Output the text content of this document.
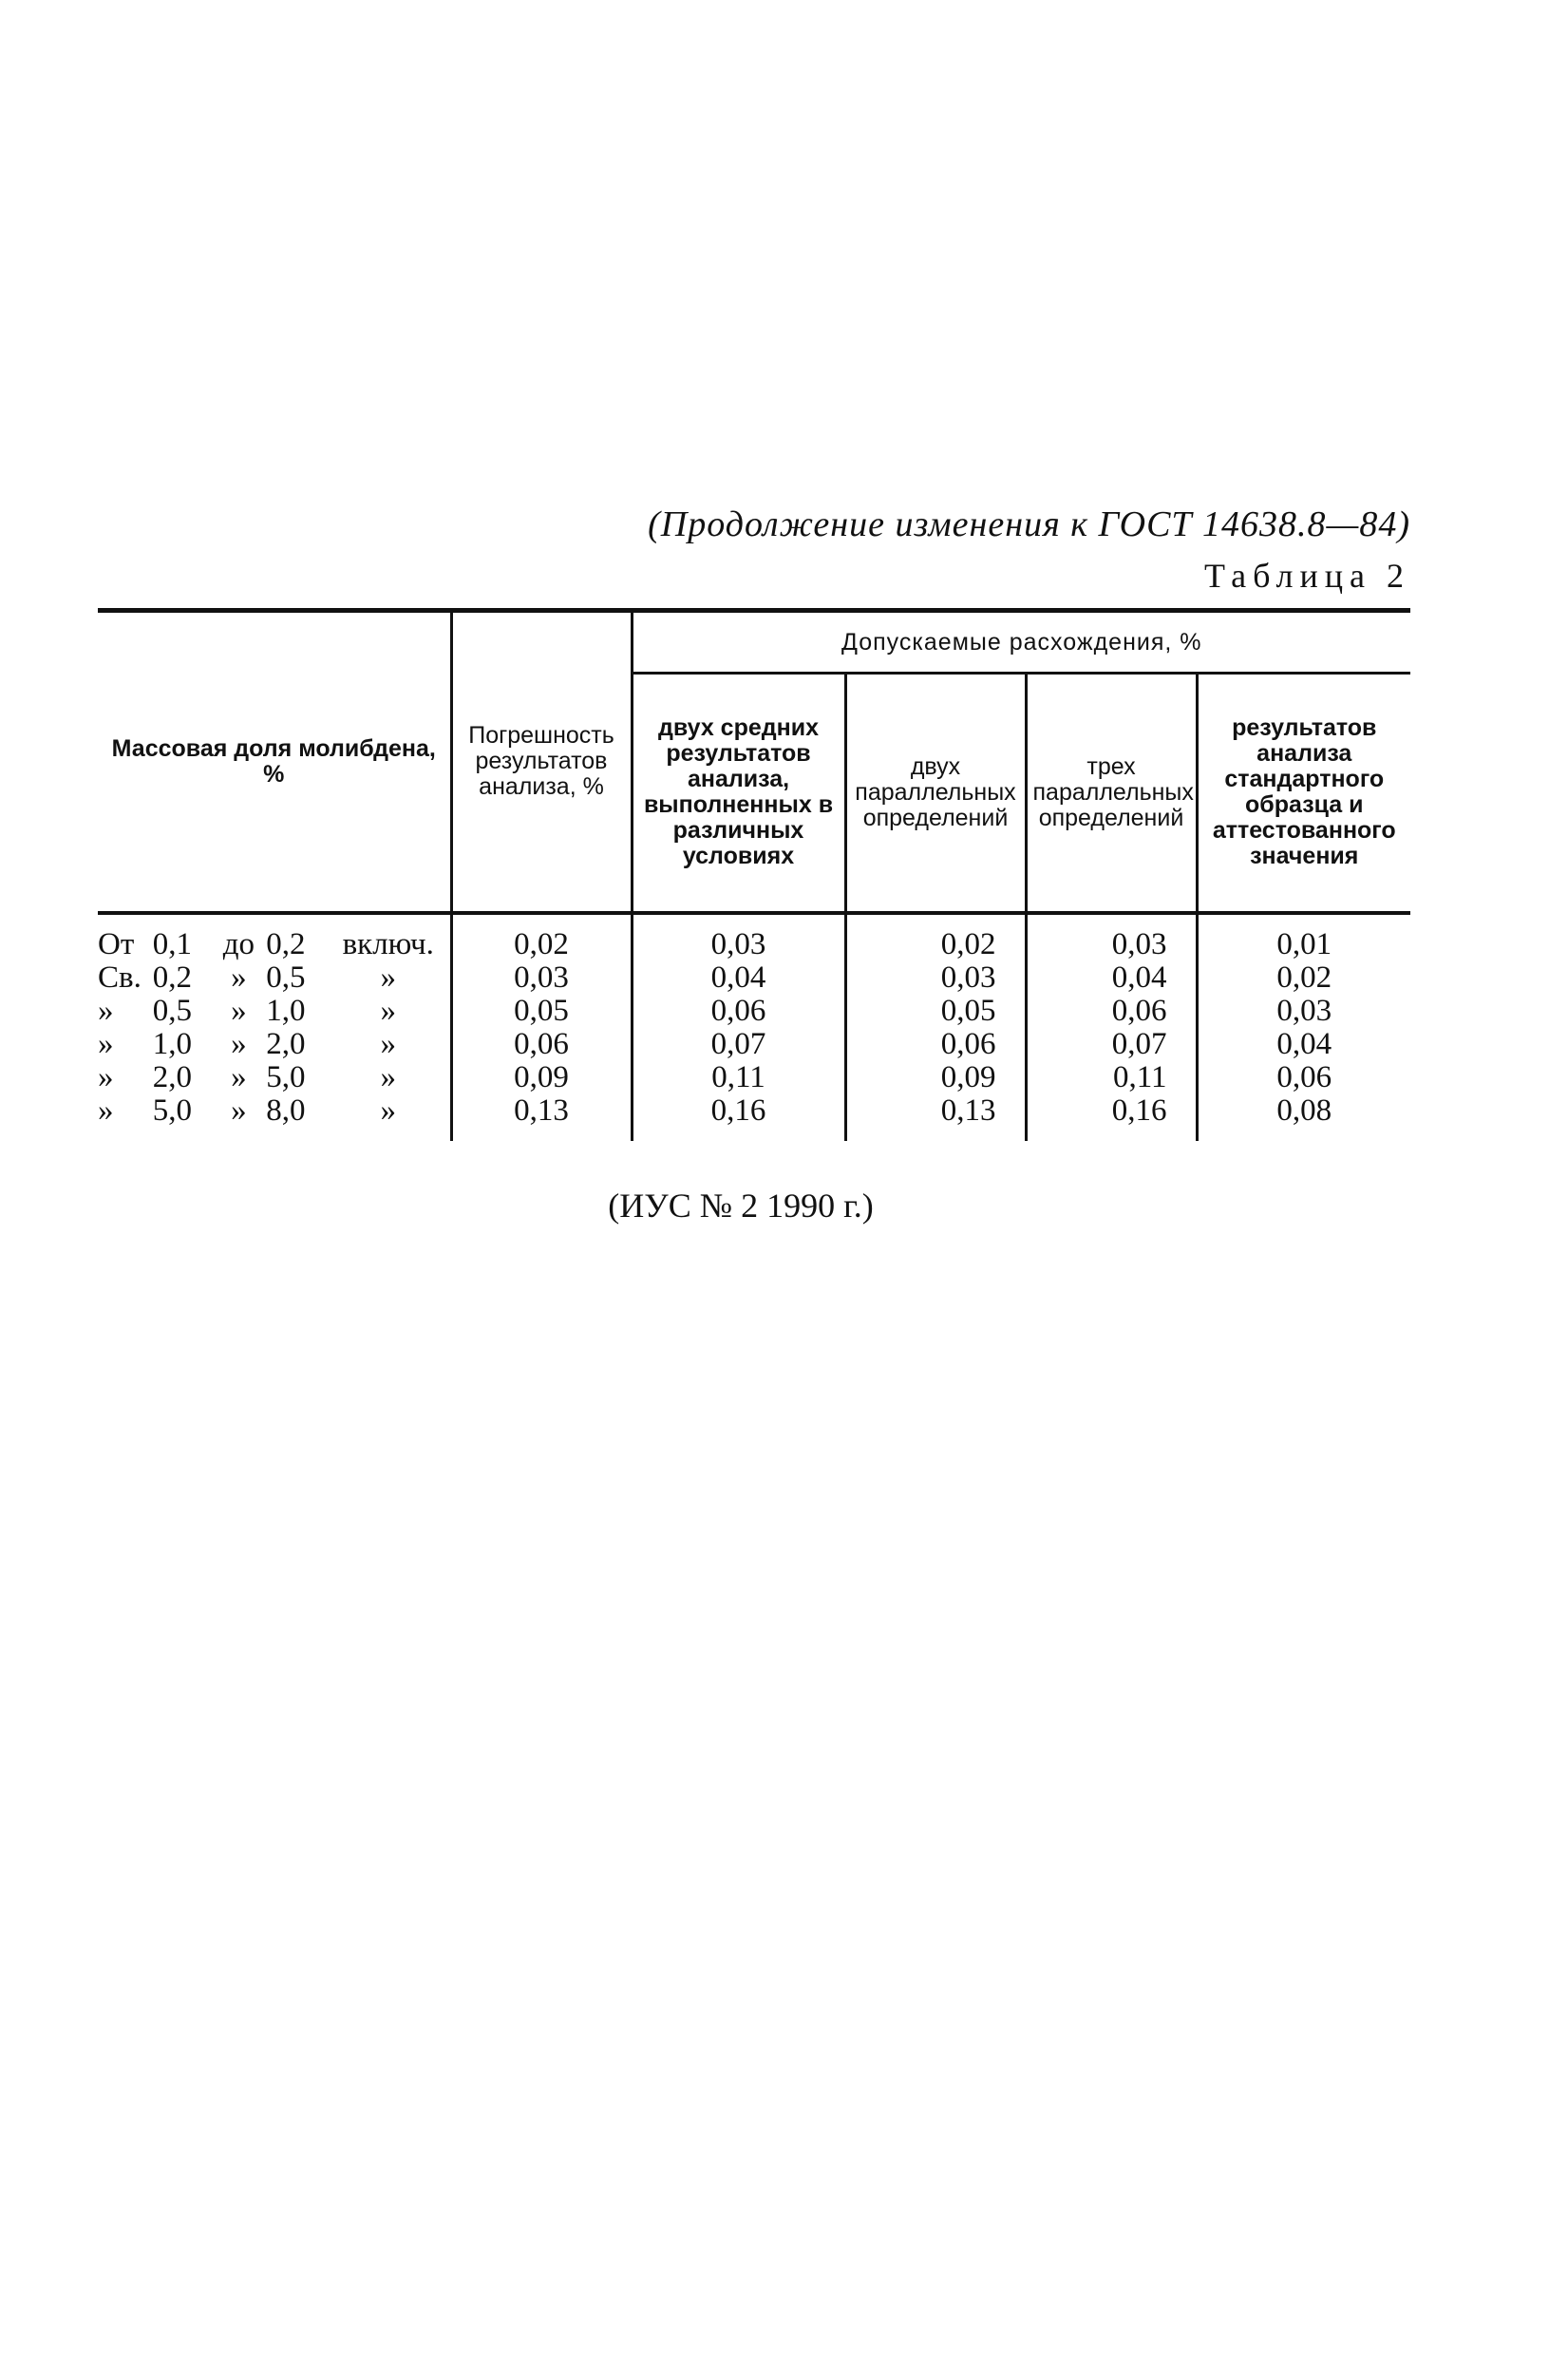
(Продолжение изменения к ГОСТ 14638.8—84)
Таблица 2
Массовая доля молибдена, %	Погрешность результатов анализа, %	Допускаемые расхождения, %			
		двух средних результатов анализа, выполненных в различных условиях	двух параллельных определений	трех параллельных определений	результатов анализа стандартного образца и аттестованного значения

От 0,1 до 0,2 включ.	0,02	0,03	0,02	0,03	0,01

Св. 0,2 » 0,5 »	0,03	0,04	0,03	0,04	0,02

» 0,5 » 1,0 »	0,05	0,06	0,05	0,06	0,03

» 1,0 » 2,0 »	0,06	0,07	0,06	0,07	0,04

» 2,0 » 5,0 »	0,09	0,11	0,09	0,11	0,06

» 5,0 » 8,0 »	0,13	0,16	0,13	0,16	0,08

(ИУС № 2 1990 г.)
